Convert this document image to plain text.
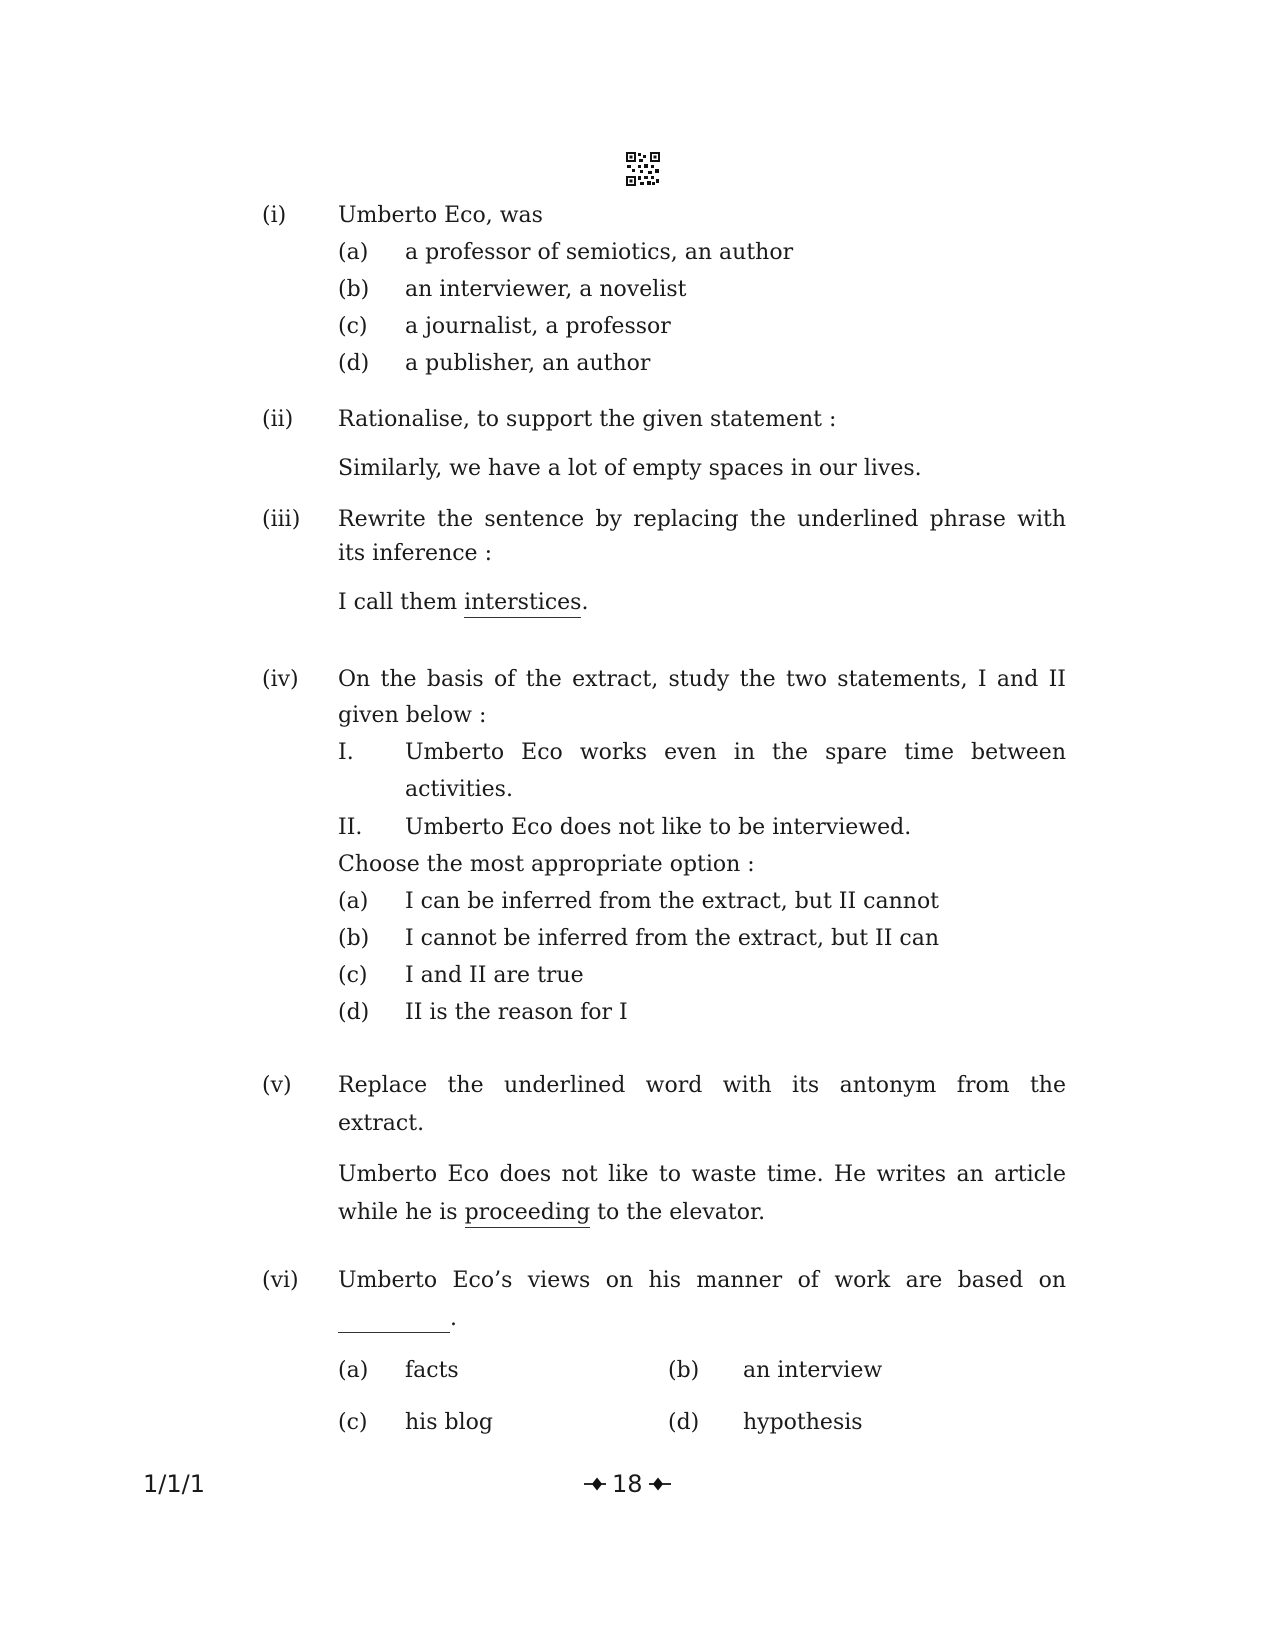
(i) Umberto Eco, was
(a) a professor of semiotics, an author
(b) an interviewer, a novelist
(c) a journalist, a professor
(d) a publisher, an author
(ii) Rationalise, to support the given statement :
Similarly, we have a lot of empty spaces in our lives.
(iii) Rewrite the sentence by replacing the underlined phrase with
its inference :
I call them interstices.
(iv) On the basis of the extract, study the two statements, I and II
given below :
I. Umberto Eco works even in the spare time between
activities.
II. Umberto Eco does not like to be interviewed.
Choose the most appropriate option :
(a) I can be inferred from the extract, but II cannot
(b) I cannot be inferred from the extract, but II can
(c) I and II are true
(d) II is the reason for I
(v) Replace the underlined word with its antonym from the
extract.
Umberto Eco does not like to waste time. He writes an article
while he is proceeding to the elevator.
(vi) Umberto Eco’s views on his manner of work are based on
.
(a) facts	(b) an interview
(c) his blog	(d) hypothesis
1/1/1	18
